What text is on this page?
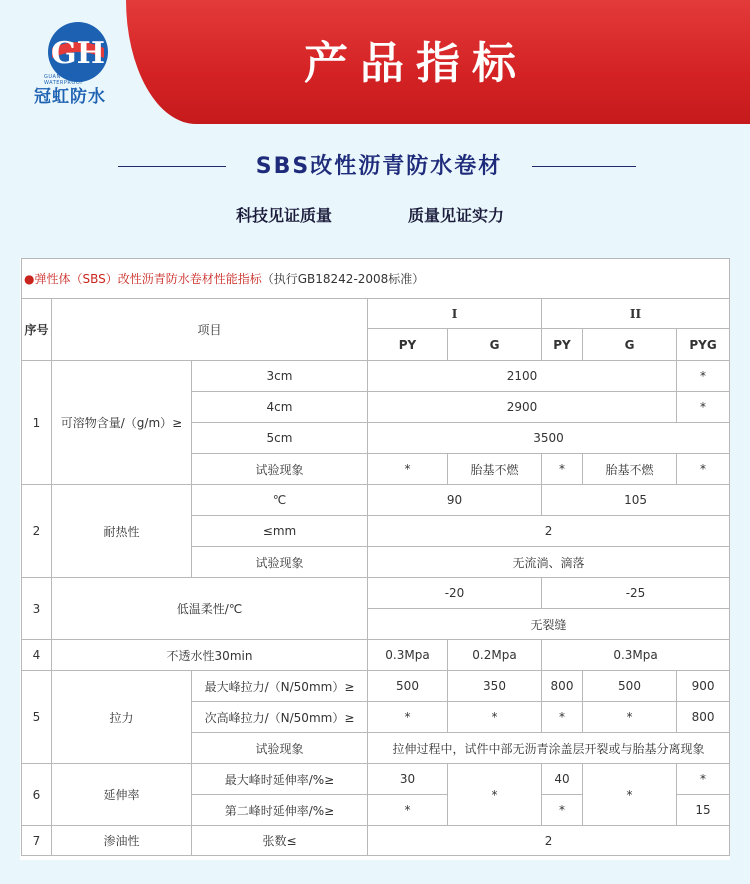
产品指标
GH
GUAN HONG WATERPROOF
冠虹防水
SBS改性沥青防水卷材
科技见证质量	质量见证实力
●弹性体（SBS）改性沥青防水卷材性能指标（执行GB18242-2008标准）							
序号	项目		I		II		
			PY	G	PY	G	PYG
1	可溶物含量/（g/m）≥	3cm	2100				*
		4cm	2900				*
		5cm	3500				
		试验现象	*	胎基不燃	*	胎基不燃	*
2	耐热性	℃	90		105		
		≤mm	2				
		试验现象	无流淌、滴落				
3	低温柔性/℃		-20		-25		
			无裂缝				
4	不透水性30min		0.3Mpa	0.2Mpa	0.3Mpa		
5	拉力	最大峰拉力/（N/50mm）≥	500	350	800	500	900
		次高峰拉力/（N/50mm）≥	*	*	*	*	800
		试验现象	拉伸过程中，试件中部无沥青涂盖层开裂或与胎基分离现象				
6	延伸率	最大峰时延伸率/%≥	30	*	40	*	*
		第二峰时延伸率/%≥	*		*		15
7	渗油性	张数≤	2				
